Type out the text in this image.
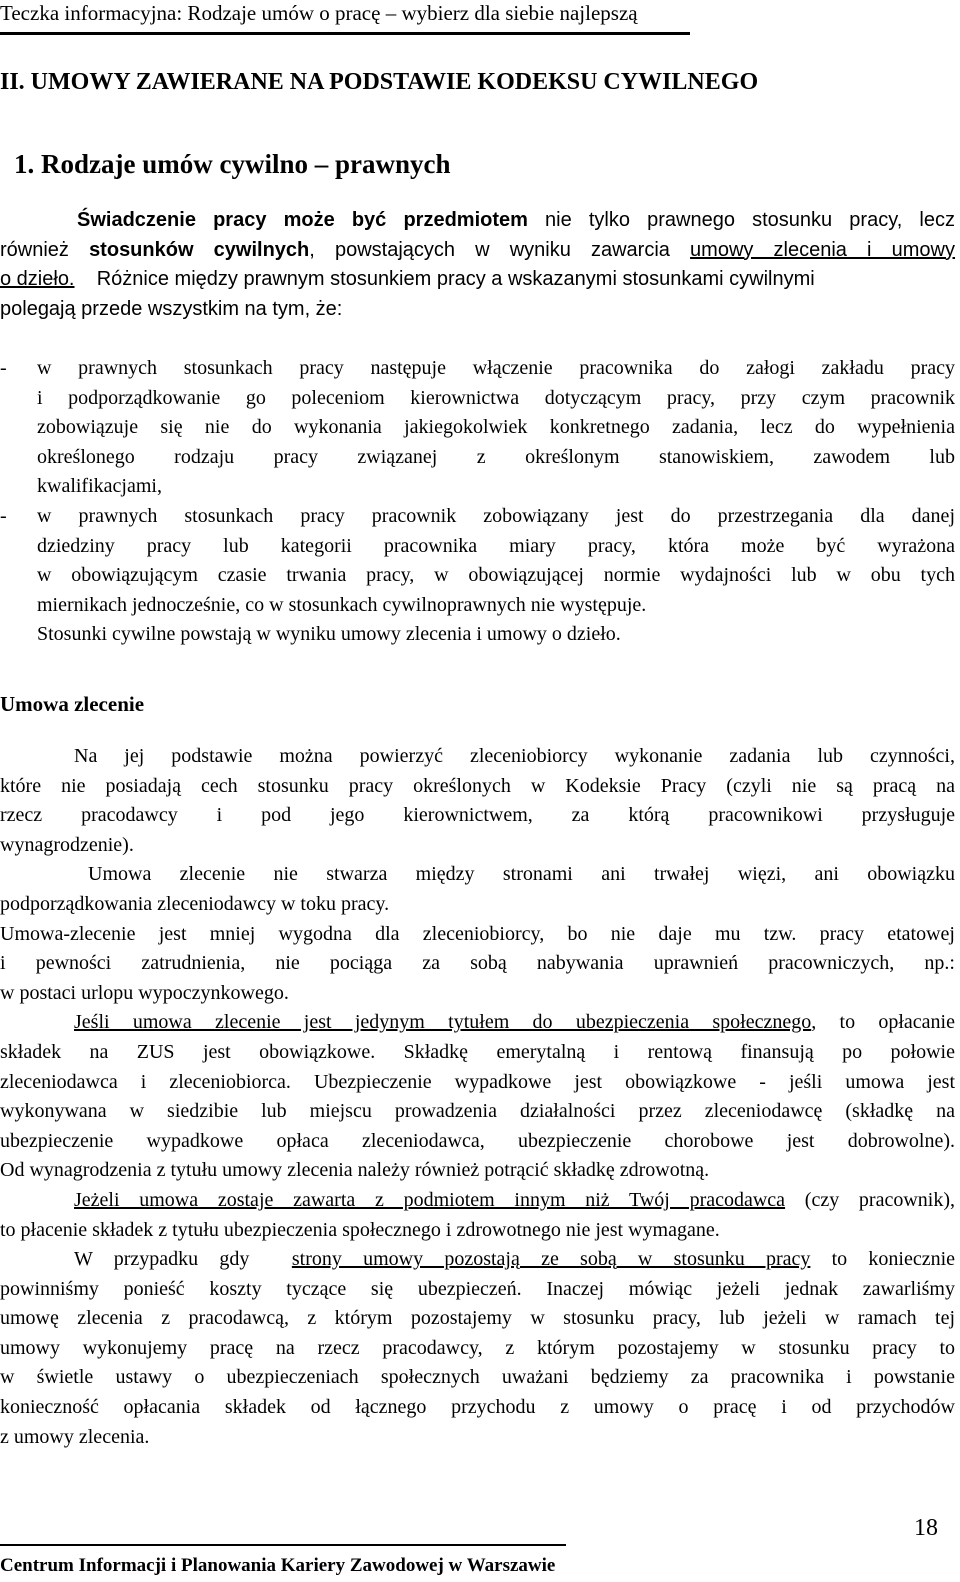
Teczka informacyjna: Rodzaje umów o pracę – wybierz dla siebie najlepszą
II. UMOWY ZAWIERANE NA PODSTAWIE KODEKSU CYWILNEGO
1. Rodzaje umów cywilno – prawnych
Świadczenie pracy może być przedmiotem nie tylko prawnego stosunku pracy, lecz
również stosunków cywilnych, powstających w wyniku zawarcia umowy zlecenia i umowy
o dzieło.    Różnice między prawnym stosunkiem pracy a wskazanymi stosunkami cywilnymi
polegają przede wszystkim na tym, że:
- w prawnych stosunkach pracy następuje włączenie pracownika do załogi zakładu pracy
i podporządkowanie go poleceniom kierownictwa dotyczącym pracy, przy czym pracownik
zobowiązuje się nie do wykonania jakiegokolwiek konkretnego zadania, lecz do wypełnienia
określonego rodzaju pracy związanej z określonym stanowiskiem, zawodem lub
kwalifikacjami,
- w prawnych stosunkach pracy pracownik zobowiązany jest do przestrzegania dla danej
dziedziny pracy lub kategorii pracownika miary pracy, która może być wyrażona
w obowiązującym czasie trwania pracy, w obowiązującej normie wydajności lub w obu tych
miernikach jednocześnie, co w stosunkach cywilnoprawnych nie występuje.
Stosunki cywilne powstają w wyniku umowy zlecenia i umowy o dzieło.
Umowa zlecenie
Na jej podstawie można powierzyć zleceniobiorcy wykonanie zadania lub czynności,
które nie posiadają cech stosunku pracy określonych w Kodeksie Pracy (czyli nie są pracą na
rzecz pracodawcy i pod jego kierownictwem, za którą pracownikowi przysługuje
wynagrodzenie).
Umowa zlecenie nie stwarza między stronami ani trwałej więzi, ani obowiązku
podporządkowania zleceniodawcy w toku pracy.
Umowa-zlecenie jest mniej wygodna dla zleceniobiorcy, bo nie daje mu tzw. pracy etatowej
i pewności zatrudnienia, nie pociąga za sobą nabywania uprawnień pracowniczych, np.:
w postaci urlopu wypoczynkowego.
Jeśli umowa zlecenie jest jedynym tytułem do ubezpieczenia społecznego, to opłacanie
składek na ZUS jest obowiązkowe. Składkę emerytalną i rentową finansują po połowie
zleceniodawca i zleceniobiorca. Ubezpieczenie wypadkowe jest obowiązkowe - jeśli umowa jest
wykonywana w siedzibie lub miejscu prowadzenia działalności przez zleceniodawcę (składkę na
ubezpieczenie wypadkowe opłaca zleceniodawca, ubezpieczenie chorobowe jest dobrowolne).
Od wynagrodzenia z tytułu umowy zlecenia należy również potrącić składkę zdrowotną.
Jeżeli umowa zostaje zawarta z podmiotem innym niż Twój pracodawca (czy pracownik),
to płacenie składek z tytułu ubezpieczenia społecznego i zdrowotnego nie jest wymagane.
W przypadku gdy  strony umowy pozostają ze sobą w stosunku pracy to koniecznie
powinniśmy ponieść koszty tyczące się ubezpieczeń. Inaczej mówiąc jeżeli jednak zawarliśmy
umowę zlecenia z pracodawcą, z którym pozostajemy w stosunku pracy, lub jeżeli w ramach tej
umowy wykonujemy pracę na rzecz pracodawcy, z którym pozostajemy w stosunku pracy to
w świetle ustawy o ubezpieczeniach społecznych uważani będziemy za pracownika i powstanie
konieczność opłacania składek od łącznego przychodu z umowy o pracę i od przychodów
z umowy zlecenia.
18
Centrum Informacji i Planowania Kariery Zawodowej w Warszawie
